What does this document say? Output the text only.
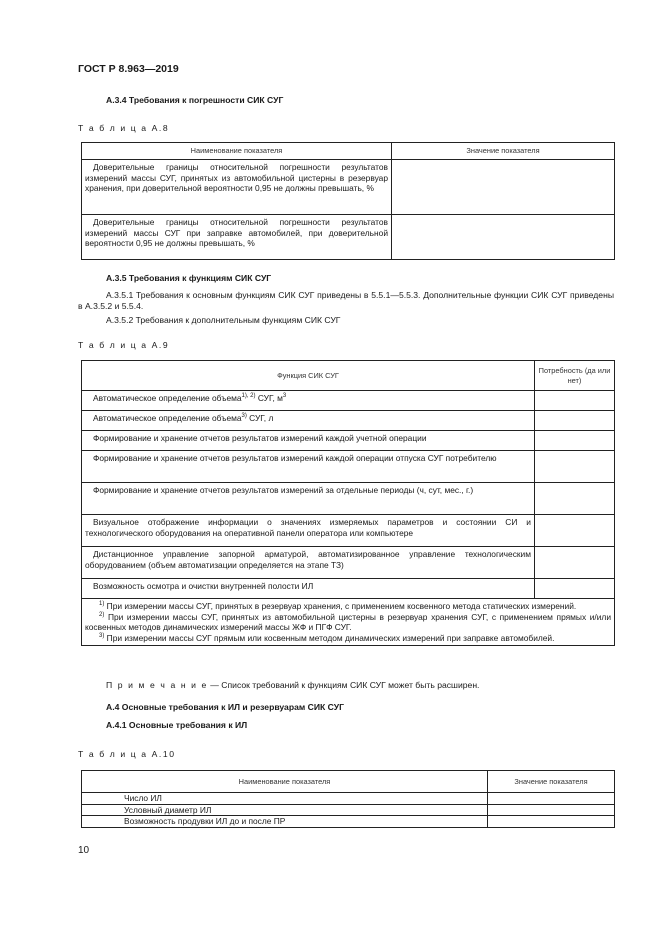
ГОСТ Р 8.963—2019
А.3.4 Требования к погрешности СИК СУГ
Т а б л и ц а А.8
Наименование показателя	Значение показателя
Доверительные границы относительной погрешности результатов измерений массы СУГ, принятых из автомобильной цистерны в резервуар хранения, при доверительной вероятности 0,95 не должны превышать, %	
Доверительные границы относительной погрешности результатов измерений массы СУГ при заправке автомобилей, при доверительной вероятности 0,95 не должны превышать, %	
А.3.5 Требования к функциям СИК СУГ
А.3.5.1 Требования к основным функциям СИК СУГ приведены в 5.5.1—5.5.3. Дополнительные функции СИК СУГ приведены в А.3.5.2 и 5.5.4.
А.3.5.2 Требования к дополнительным функциям СИК СУГ
Т а б л и ц а А.9
Функция СИК СУГ	Потребность (да или нет)
Автоматическое определение объема$^{1), 2)}$ СУГ, $м^3$	
Автоматическое определение объема$^{3)}$ СУГ, л	
Формирование и хранение отчетов результатов измерений каждой учетной операции	
Формирование и хранение отчетов результатов измерений каждой операции отпуска СУГ потребителю	
Формирование и хранение отчетов результатов измерений за отдельные периоды (ч, сут, мес., г.)	
Визуальное отображение информации о значениях измеряемых параметров и состоянии СИ и технологического оборудования на оперативной панели оператора или компьютере	
Дистанционное управление запорной арматурой, автоматизированное управление технологическим оборудованием (объем автоматизации определяется на этапе ТЗ)	
Возможность осмотра и очистки внутренней полости ИЛ	

$^{1)}$ При измерении массы СУГ, принятых в резервуар хранения, с применением косвенного метода статических измерений.

$^{2)}$ При измерении массы СУГ, принятых из автомобильной цистерны в резервуар хранения СУГ, с применением прямых и/или косвенных методов динамических измерений массы ЖФ и ПГФ СУГ.

$^{3)}$ При измерении массы СУГ прямым или косвенным методом динамических измерений при заправке автомобилей.	

П р и м е ч а н и е — Список требований к функциям СИК СУГ может быть расширен.
А.4 Основные требования к ИЛ и резервуарам СИК СУГ
А.4.1 Основные требования к ИЛ
Т а б л и ц а А.10
Наименование показателя	Значение показателя
Число ИЛ	
Условный диаметр ИЛ	
Возможность продувки ИЛ до и после ПР	
10
